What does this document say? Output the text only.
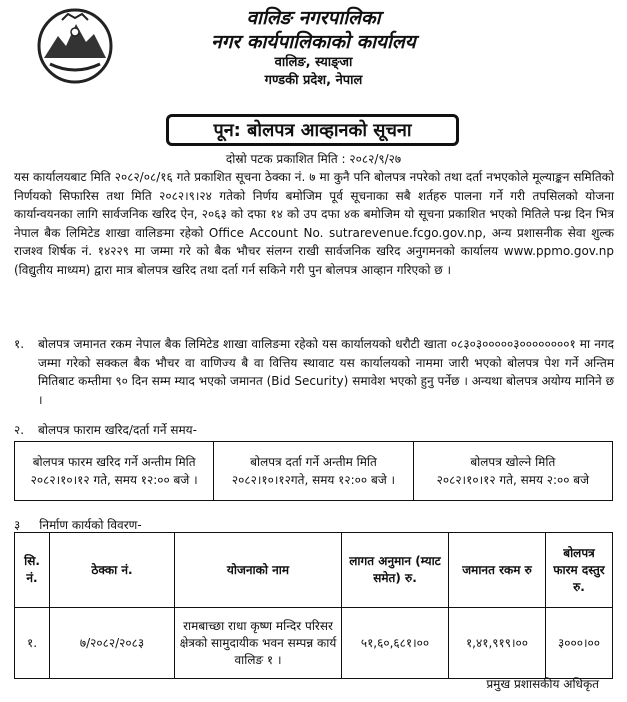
वालिङ नगरपालिका
नगर कार्यपालिकाको कार्यालय
वालिङ, स्याङ्जा
गण्डकी प्रदेश, नेपाल
पून: बोलपत्र आव्हानको सूचना
दोस्रो पटक प्रकाशित मिति : २०८२/९/२७
यस कार्यालयबाट मिति २०८२/०८/१६ गते प्रकाशित सूचना ठेक्का नं. ७ मा कुनै पनि बोलपत्र नपरेको तथा दर्ता नभएकोले मूल्याङ्कन समितिको निर्णयको सिफारिस तथा मिति २०८२।९।२४ गतेको निर्णय बमोजिम पूर्व सूचनाका सबै शर्तहरु पालना गर्ने गरी तपसिलको योजना कार्यान्वयनका लागि सार्वजनिक खरिद ऐन, २०६३ को दफा १४ को उप दफा ४क बमोजिम यो सूचना प्रकाशित भएको मितिले पन्ध्र दिन भित्र नेपाल बैक लिमिटेड शाखा वालिङमा रहेको Office Account No. sutrarevenue.fcgo.gov.np, अन्य प्रशासनीक सेवा शुल्क राजश्व शिर्षक नं. १४२२९ मा जम्मा गरे को बैक भौचर संलग्न राखी सार्वजनिक खरिद अनुगमनको कार्यालय www.ppmo.gov.np (विद्युतीय माध्यम) द्वारा मात्र बोलपत्र खरिद तथा दर्ता गर्न सकिने गरी पुन बोलपत्र आव्हान गरिएको छ ।
१. बोलपत्र जमानत रकम नेपाल बैक लिमिटेड शाखा वालिङमा रहेको यस कार्यालयको धरौटी खाता ०८३०३०००००३००००००००१ मा नगद जम्मा गरेको सक्कल बैक भौचर वा वाणिज्य बै वा वित्तिय स्थावाट यस कार्यालयको नाममा जारी भएको बोलपत्र पेश गर्ने अन्तिम मितिबाट कम्तीमा ९० दिन सम्म म्याद भएको जमानत (Bid Security) समावेश भएको हुनु पर्नेछ । अन्यथा बोलपत्र अयोग्य मानिने छ ।
२. बोलपत्र फाराम खरिद/दर्ता गर्ने समय-
बोलपत्र फारम खरिद गर्ने अन्तीम मिति
२०८२।१०।१२ गते, समय १२:०० बजे ।
बोलपत्र दर्ता गर्ने अन्तीम मिति
२०८२।१०।१२गते, समय १२:०० बजे ।
बोलपत्र खोल्ने मिति
२०८२।१०।१२ गते, समय २:०० बजे
३     निर्माण कार्यको विवरण-
सि. नं.	ठेक्का नं.	योजनाको नाम	लागत अनुमान (म्याट समेत) रु.	जमानत रकम रु	बोलपत्र फारम दस्तुर रु.
१.	७/२०८२/२०८३	रामबाच्छा राधा कृष्ण मन्दिर परिसर क्षेत्रको सामुदायीक भवन सम्पन्न कार्य वालिङ १ ।	५१,६०,६८१।००	१,४१,९१९।००	३०००।००
प्रमुख प्रशासकीय अधिकृत
